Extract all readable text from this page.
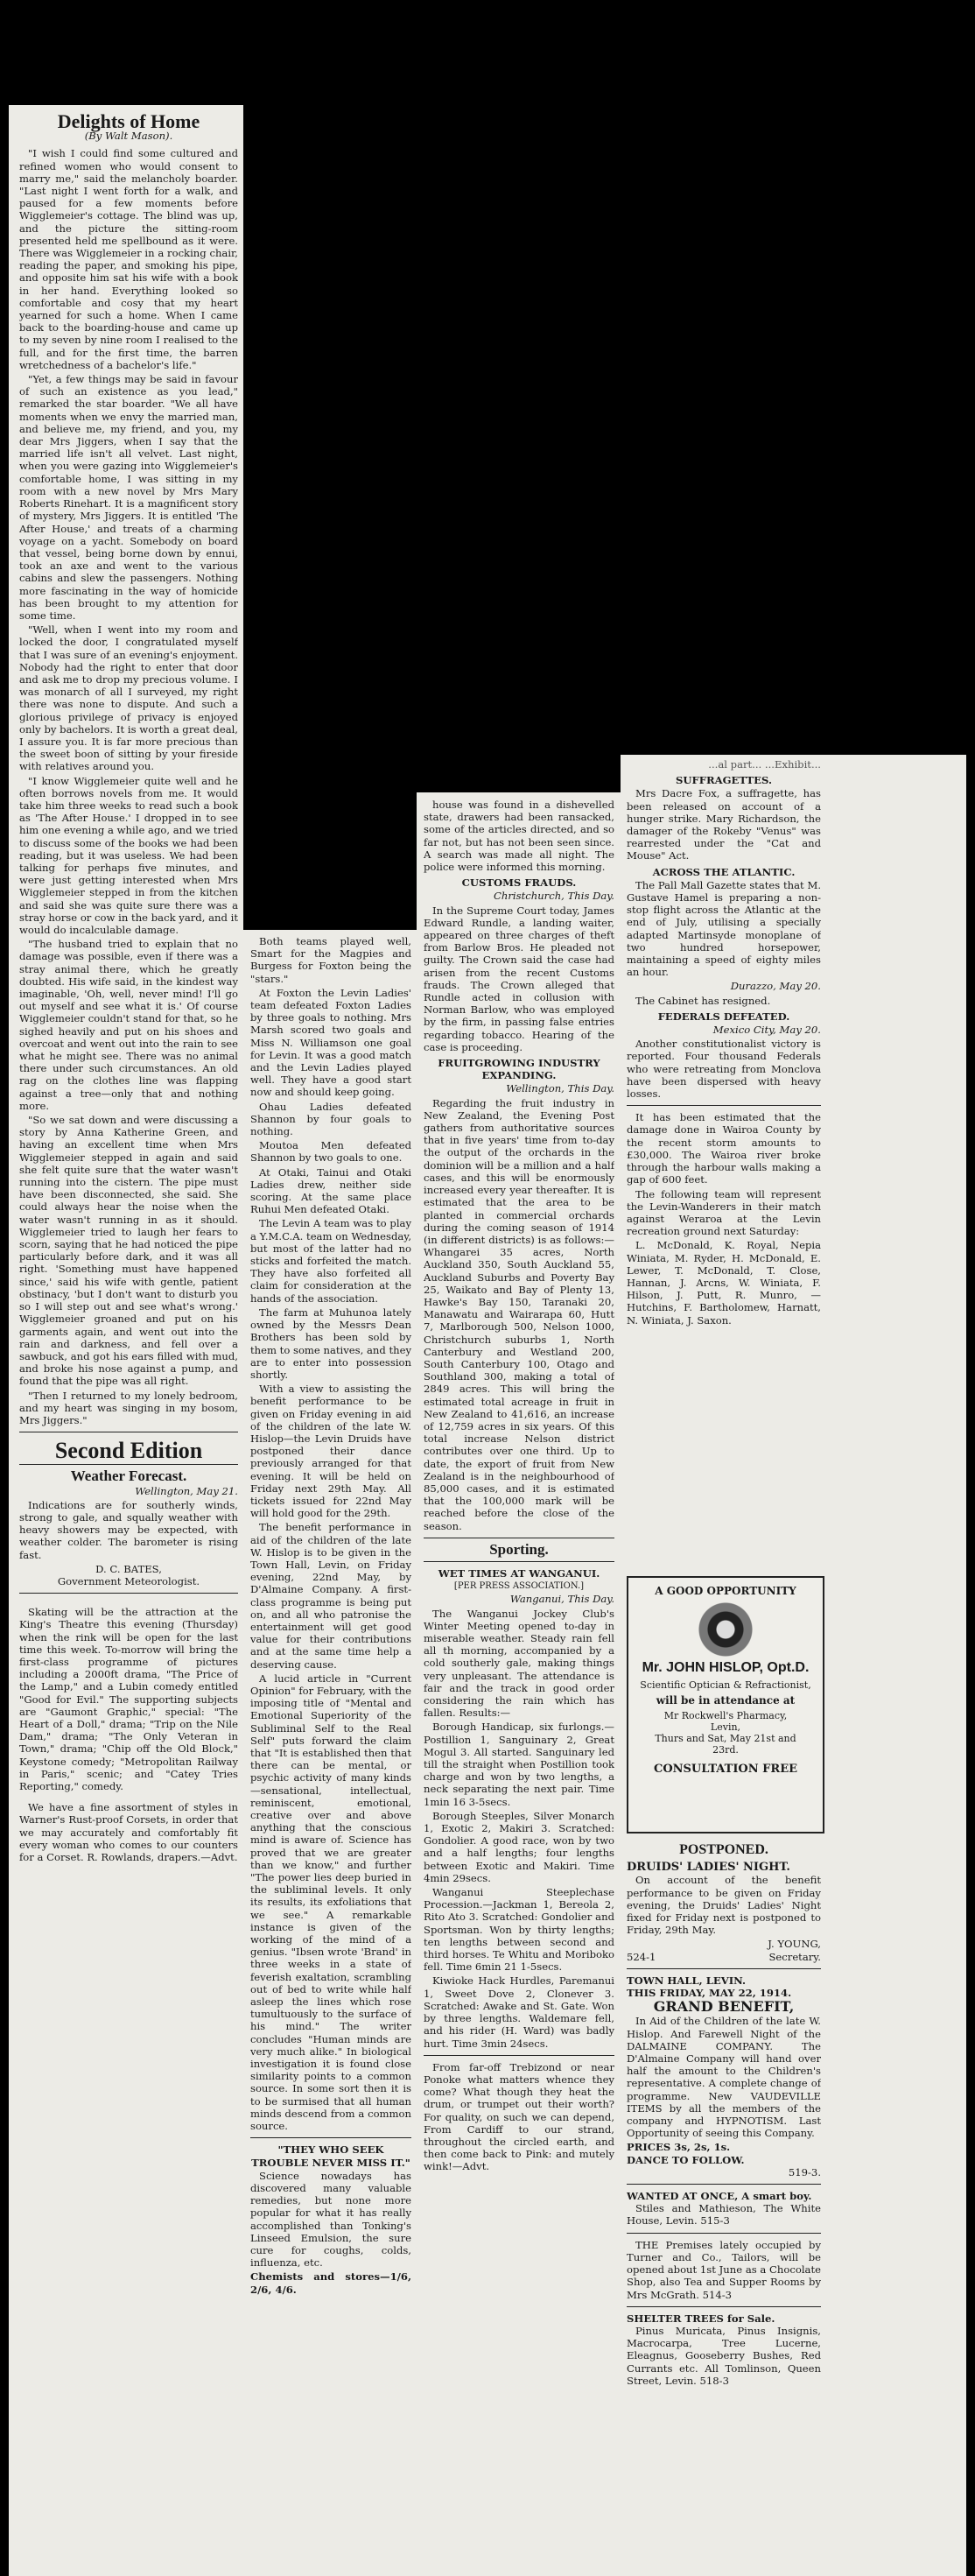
Delights of Home
(By Walt Mason).

"I wish I could find some cultured and refined women who would consent to marry me," said the melancholy boarder. "Last night I went forth for a walk, and paused for a few moments before Wigglemeier's cottage. The blind was up, and the picture the sitting-room presented held me spellbound as it were. There was Wigglemeier in a rocking chair, reading the paper, and smoking his pipe, and opposite him sat his wife with a book in her hand. Everything looked so comfortable and cosy that my heart yearned for such a home. When I came back to the boarding-house and came up to my seven by nine room I realised to the full, and for the first time, the barren wretchedness of a bachelor's life."

"Yet, a few things may be said in favour of such an existence as you lead," remarked the star boarder. "We all have moments when we envy the married man, and believe me, my friend, and you, my dear Mrs Jiggers, when I say that the married life isn't all velvet. Last night, when you were gazing into Wigglemeier's comfortable home, I was sitting in my room with a new novel by Mrs Mary Roberts Rinehart. It is a magnificent story of mystery, Mrs Jiggers. It is entitled 'The After House,' and treats of a charming voyage on a yacht. Somebody on board that vessel, being borne down by ennui, took an axe and went to the various cabins and slew the passengers. Nothing more fascinating in the way of homicide has been brought to my attention for some time.

"Well, when I went into my room and locked the door, I congratulated myself that I was sure of an evening's enjoyment. Nobody had the right to enter that door and ask me to drop my precious volume. I was monarch of all I surveyed, my right there was none to dispute. And such a glorious privilege of privacy is enjoyed only by bachelors. It is worth a great deal, I assure you. It is far more precious than the sweet boon of sitting by your fireside with relatives around you.

"I know Wigglemeier quite well and he often borrows novels from me. It would take him three weeks to read such a book as 'The After House.' I dropped in to see him one evening a while ago, and we tried to discuss some of the books we had been reading, but it was useless. We had been talking for perhaps five minutes, and were just getting interested when Mrs Wigglemeier stepped in from the kitchen and said she was quite sure there was a stray horse or cow in the back yard, and it would do incalculable damage.

"The husband tried to explain that no damage was possible, even if there was a stray animal there, which he greatly doubted. His wife said, in the kindest way imaginable, 'Oh, well, never mind! I'll go out myself and see what it is.' Of course Wigglemeier couldn't stand for that, so he sighed heavily and put on his shoes and overcoat and went out into the rain to see what he might see. There was no animal there under such circumstances. An old rag on the clothes line was flapping against a tree—only that and nothing more.

"So we sat down and were discussing a story by Anna Katherine Green, and having an excellent time when Mrs Wigglemeier stepped in again and said she felt quite sure that the water wasn't running into the cistern. The pipe must have been disconnected, she said. She could always hear the noise when the water wasn't running in as it should. Wigglemeier tried to laugh her fears to scorn, saying that he had noticed the pipe particularly before dark, and it was all right. 'Something must have happened since,' said his wife with gentle, patient obstinacy, 'but I don't want to disturb you so I will step out and see what's wrong.' Wigglemeier groaned and put on his garments again, and went out into the rain and darkness, and fell over a sawbuck, and got his ears filled with mud, and broke his nose against a pump, and found that the pipe was all right.

"Then I returned to my lonely bedroom, and my heart was singing in my bosom, Mrs Jiggers."

Second Edition
Weather Forecast.
Wellington, May 21.

Indications are for southerly winds, strong to gale, and squally weather with heavy showers may be expected, with weather colder. The barometer is rising fast.

D. C. BATES,
Government Meteorologist.

Skating will be the attraction at the King's Theatre this evening (Thursday) when the rink will be open for the last time this week. To-morrow will bring the first-class programme of pictures including a 2000ft drama, "The Price of the Lamp," and a Lubin comedy entitled "Good for Evil." The supporting subjects are "Gaumont Graphic," special: "The Heart of a Doll," drama; "Trip on the Nile Dam," drama; "The Only Veteran in Town," drama; "Chip off the Old Block," Keystone comedy; "Metropolitan Railway in Paris," scenic; and "Catey Tries Reporting," comedy.

We have a fine assortment of styles in Warner's Rust-proof Corsets, in order that we may accurately and comfortably fit every woman who comes to our counters for a Corset. R. Rowlands, drapers.—Advt.

Both teams played well, Smart for the Magpies and Burgess for Foxton being the "stars."

At Foxton the Levin Ladies' team defeated Foxton Ladies by three goals to nothing. Mrs Marsh scored two goals and Miss N. Williamson one goal for Levin. It was a good match and the Levin Ladies played well. They have a good start now and should keep going.

Ohau Ladies defeated Shannon by four goals to nothing.

Moutoa Men defeated Shannon by two goals to one.

At Otaki, Tainui and Otaki Ladies drew, neither side scoring. At the same place Ruhui Men defeated Otaki.

The Levin A team was to play a Y.M.C.A. team on Wednesday, but most of the latter had no sticks and forfeited the match. They have also forfeited all claim for consideration at the hands of the association.

The farm at Muhunoa lately owned by the Messrs Dean Brothers has been sold by them to some natives, and they are to enter into possession shortly.

With a view to assisting the benefit performance to be given on Friday evening in aid of the children of the late W. Hislop—the Levin Druids have postponed their dance previously arranged for that evening. It will be held on Friday next 29th May. All tickets issued for 22nd May will hold good for the 29th.

The benefit performance in aid of the children of the late W. Hislop is to be given in the Town Hall, Levin, on Friday evening, 22nd May, by D'Almaine Company. A first-class programme is being put on, and all who patronise the entertainment will get good value for their contributions and at the same time help a deserving cause.

A lucid article in "Current Opinion" for February, with the imposing title of "Mental and Emotional Superiority of the Subliminal Self to the Real Self" puts forward the claim that "It is established then that there can be mental, or psychic activity of many kinds—sensational, intellectual, reminiscent, emotional, creative over and above anything that the conscious mind is aware of. Science has proved that we are greater than we know," and further "The power lies deep buried in the subliminal levels. It only its results, its exfoliations that we see." A remarkable instance is given of the working of the mind of a genius. "Ibsen wrote 'Brand' in three weeks in a state of feverish exaltation, scrambling out of bed to write while half asleep the lines which rose tumultuously to the surface of his mind." The writer concludes "Human minds are very much alike." In biological investigation it is found close similarity points to a common source. In some sort then it is to be surmised that all human minds descend from a common source.

"THEY WHO SEEK TROUBLE NEVER MISS IT."

Science nowadays has discovered many valuable remedies, but none more popular for what it has really accomplished than Tonking's Linseed Emulsion, the sure cure for coughs, colds, influenza, etc.

Chemists and stores—1/6, 2/6, 4/6.

house was found in a dishevelled state, drawers had been ransacked, some of the articles directed, and so far not, but has not been seen since. A search was made all night. The police were informed this morning.

CUSTOMS FRAUDS.
Christchurch, This Day.

In the Supreme Court today, James Edward Rundle, a landing waiter, appeared on three charges of theft from Barlow Bros. He pleaded not guilty. The Crown said the case had arisen from the recent Customs frauds. The Crown alleged that Rundle acted in collusion with Norman Barlow, who was employed by the firm, in passing false entries regarding tobacco. Hearing of the case is proceeding.

FRUITGROWING INDUSTRY EXPANDING.
Wellington, This Day.

Regarding the fruit industry in New Zealand, the Evening Post gathers from authoritative sources that in five years' time from to-day the output of the orchards in the dominion will be a million and a half cases, and this will be enormously increased every year thereafter. It is estimated that the area to be planted in commercial orchards during the coming season of 1914 (in different districts) is as follows:—Whangarei 35 acres, North Auckland 350, South Auckland 55, Auckland Suburbs and Poverty Bay 25, Waikato and Bay of Plenty 13, Hawke's Bay 150, Taranaki 20, Manawatu and Wairarapa 60, Hutt 7, Marlborough 500, Nelson 1000, Christchurch suburbs 1, North Canterbury and Westland 200, South Canterbury 100, Otago and Southland 300, making a total of 2849 acres. This will bring the estimated total acreage in fruit in New Zealand to 41,616, an increase of 12,759 acres in six years. Of this total increase Nelson district contributes over one third. Up to date, the export of fruit from New Zealand is in the neighbourhood of 85,000 cases, and it is estimated that the 100,000 mark will be reached before the close of the season.

Sporting.
WET TIMES AT WANGANUI.
[PER PRESS ASSOCIATION.]
Wanganui, This Day.

The Wanganui Jockey Club's Winter Meeting opened to-day in miserable weather. Steady rain fell all th morning, accompanied by a cold southerly gale, making things very unpleasant. The attendance is fair and the track in good order considering the rain which has fallen. Results:—

Borough Handicap, six furlongs.—Postillion 1, Sanguinary 2, Great Mogul 3. All started. Sanguinary led till the straight when Postillion took charge and won by two lengths, a neck separating the next pair. Time 1min 16 3-5secs.

Borough Steeples, Silver Monarch 1, Exotic 2, Makiri 3. Scratched: Gondolier. A good race, won by two and a half lengths; four lengths between Exotic and Makiri. Time 4min 29secs.

Wanganui Steeplechase Procession.—Jackman 1, Bereola 2, Rito Ato 3. Scratched: Gondolier and Sportsman. Won by thirty lengths; ten lengths between second and third horses. Te Whitu and Moriboko fell. Time 6min 21 1-5secs.

Kiwioke Hack Hurdles, Paremanui 1, Sweet Dove 2, Clonever 3. Scratched: Awake and St. Gate. Won by three lengths. Waldemare fell, and his rider (H. Ward) was badly hurt. Time 3min 24secs.

From far-off Trebizond or near Ponoke what matters whence they come? What though they heat the drum, or trumpet out their worth? For quality, on such we can depend, From Cardiff to our strand, throughout the circled earth, and then come back to Pink: and mutely wink!—Advt.

...al part... ...Exhibit...
SUFFRAGETTES.

Mrs Dacre Fox, a suffragette, has been released on account of a hunger strike. Mary Richardson, the damager of the Rokeby "Venus" was rearrested under the "Cat and Mouse" Act.

ACROSS THE ATLANTIC.

The Pall Mall Gazette states that M. Gustave Hamel is preparing a non-stop flight across the Atlantic at the end of July, utilising a specially adapted Martinsyde monoplane of two hundred horsepower, maintaining a speed of eighty miles an hour.

Durazzo, May 20.

The Cabinet has resigned.

FEDERALS DEFEATED.
Mexico City, May 20.

Another constitutionalist victory is reported. Four thousand Federals who were retreating from Monclova have been dispersed with heavy losses.

It has been estimated that the damage done in Wairoa County by the recent storm amounts to £30,000. The Wairoa river broke through the harbour walls making a gap of 600 feet.

The following team will represent the Levin-Wanderers in their match against Weraroa at the Levin recreation ground next Saturday:

L. McDonald, K. Royal, Nepia Winiata, M. Ryder, H. McDonald, E. Lewer, T. McDonald, T. Close, Hannan, J. Arcns, W. Winiata, F. Hilson, J. Putt, R. Munro, — Hutchins, F. Bartholomew, Harnatt, N. Winiata, J. Saxon.

A GOOD OPPORTUNITY
Mr. JOHN HISLOP, Opt.D.
Scientific Optician & Refractionist,
will be in attendance at
Mr Rockwell's Pharmacy,
Levin,
Thurs and Sat, May 21st and 23rd.
CONSULTATION FREE
POSTPONED.
DRUIDS' LADIES' NIGHT.

On account of the benefit performance to be given on Friday evening, the Druids' Ladies' Night fixed for Friday next is postponed to Friday, 29th May.

J. YOUNG,
524-1	Secretary.
TOWN HALL, LEVIN.
THIS FRIDAY, MAY 22, 1914.
GRAND BENEFIT,

In Aid of the Children of the late W. Hislop. And Farewell Night of the DALMAINE COMPANY. The D'Almaine Company will hand over half the amount to the Children's representative. A complete change of programme. New VAUDEVILLE ITEMS by all the members of the company and HYPNOTISM. Last Opportunity of seeing this Company.

PRICES 3s, 2s, 1s.
DANCE TO FOLLOW.
519-3.
WANTED AT ONCE, A smart boy.

Stiles and Mathieson, The White House, Levin. 515-3

THE Premises lately occupied by Turner and Co., Tailors, will be opened about 1st June as a Chocolate Shop, also Tea and Supper Rooms by Mrs McGrath. 514-3

SHELTER TREES for Sale.

Pinus Muricata, Pinus Insignis, Macrocarpa, Tree Lucerne, Eleagnus, Gooseberry Bushes, Red Currants etc. All Tomlinson, Queen Street, Levin. 518-3
